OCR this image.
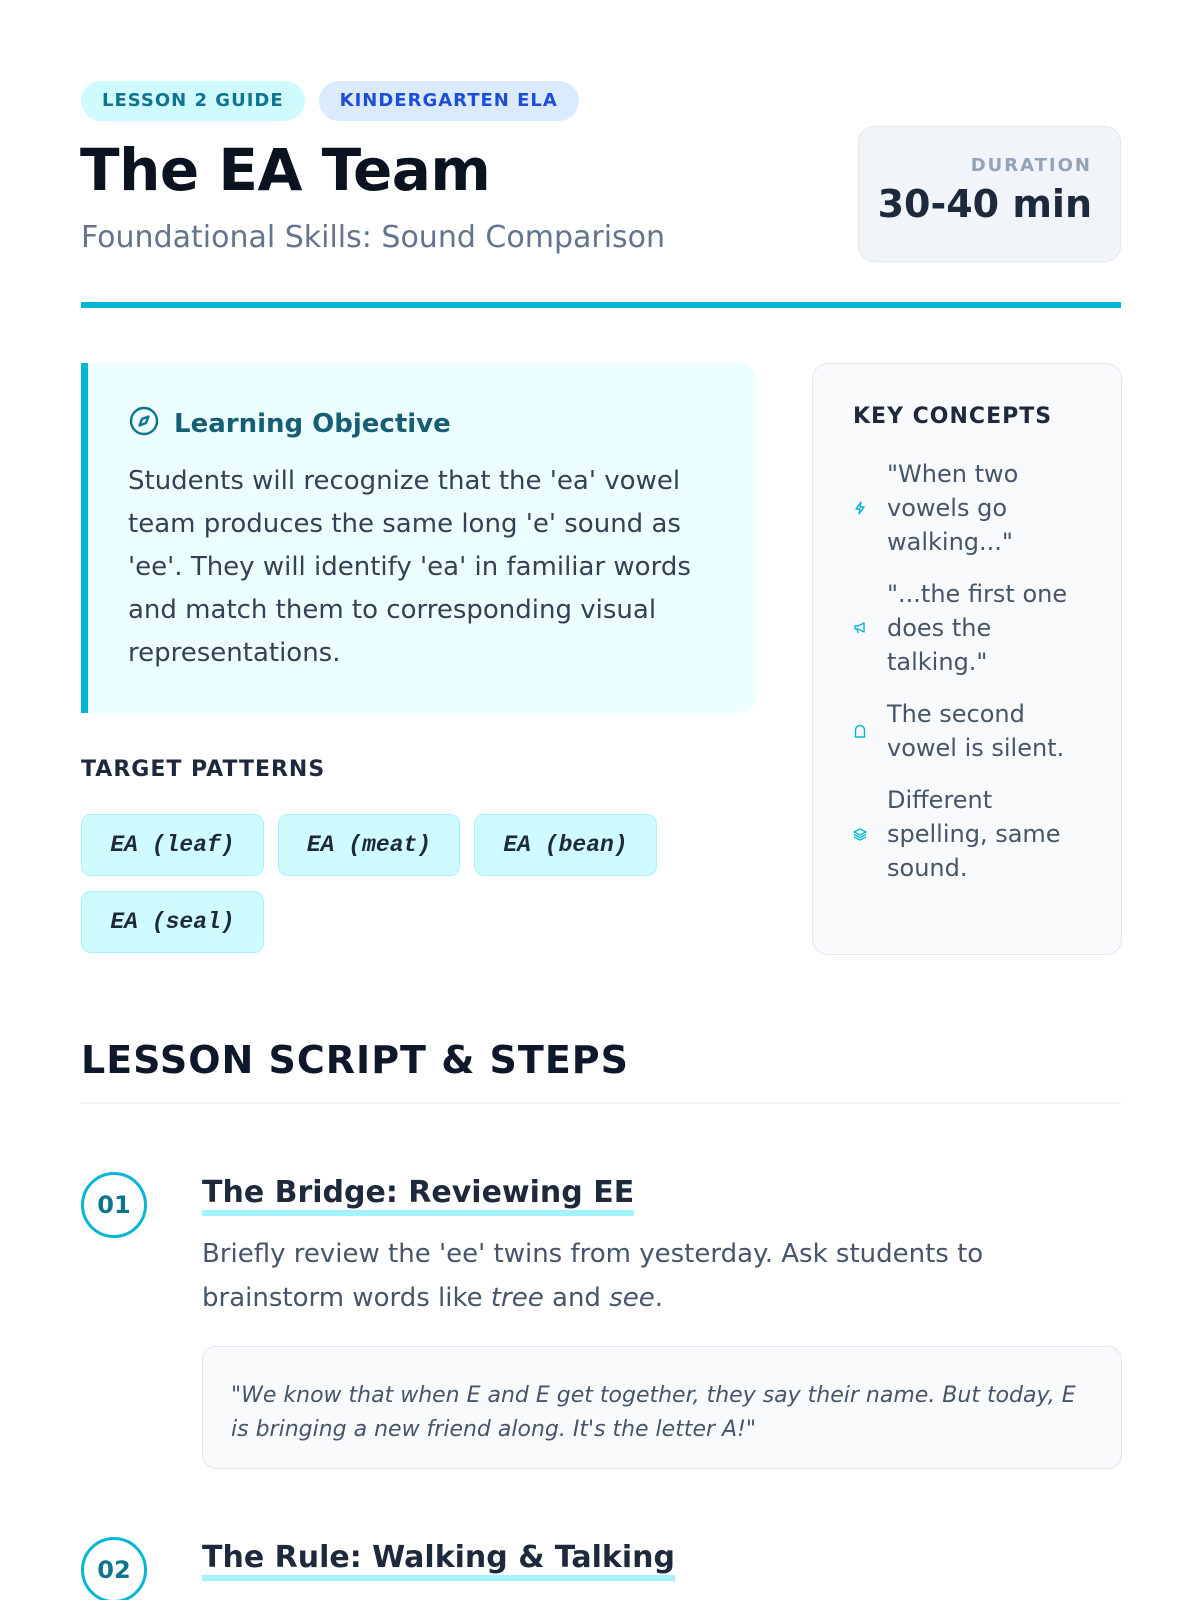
LESSON 2 GUIDE	KINDERGARTEN ELA
The EA Team
Foundational Skills: Sound Comparison
DURATION
30-40 min
Learning Objective

Students will recognize that the 'ea' vowel team produces the same long 'e' sound as 'ee'. They will identify 'ea' in familiar words and match them to corresponding visual representations.

TARGET PATTERNS
EA (leaf)	EA (meat)	EA (bean)
EA (seal)
KEY CONCEPTS
"When two vowels go walking..."
"...the first one does the talking."
The second vowel is silent.
Different spelling, same sound.
LESSON SCRIPT & STEPS
01	The Bridge: Reviewing EE

Briefly review the 'ee' twins from yesterday. Ask students to brainstorm words like tree and see.

"We know that when E and E get together, they say their name. But today, E is bringing a new friend along. It's the letter A!"
02	The Rule: Walking & Talking
